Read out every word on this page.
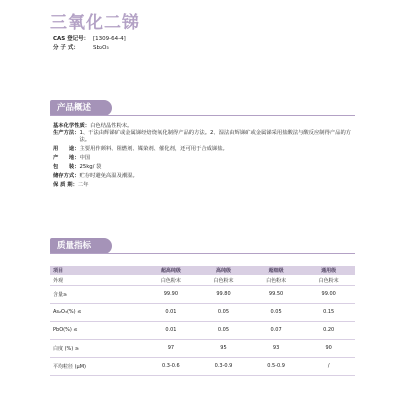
三氧化二锑
CAS 登记号： [1309-64-4]
分 子 式：	Sb₂O₃
产品概述
基本化学性质： 白色结晶性粉末。
生产方法： 1、干法由辉锑矿或金属锑经焙烧氧化制得产品的方法。2、湿法由辉锑矿或金属锑采用盐酸法与酸反应制得产品的方法。
用　　途： 主要用作颜料、阻燃剂、媒染剂、催化剂，还可用于合成锑盐。
产　　地： 中国
包　　装： 25kg/ 袋
储存方式： 贮存时避免高温及潮湿。
保 质 期： 二年
质量指标
项目	超高纯级	高纯级	超细级	通用级
外观	白色粉末	白色粉末	白色粉末	白色粉末
含量≥	99.90	99.80	99.50	99.00
As₂O₃(%) ≤	0.01	0.05	0.05	0.15
PbO(%) ≤	0.01	0.05	0.07	0.20
白度 (%) ≥	97	95	93	90
平均粒径 (μM)	0.3-0.6	0.3-0.9	0.5-0.9	/
